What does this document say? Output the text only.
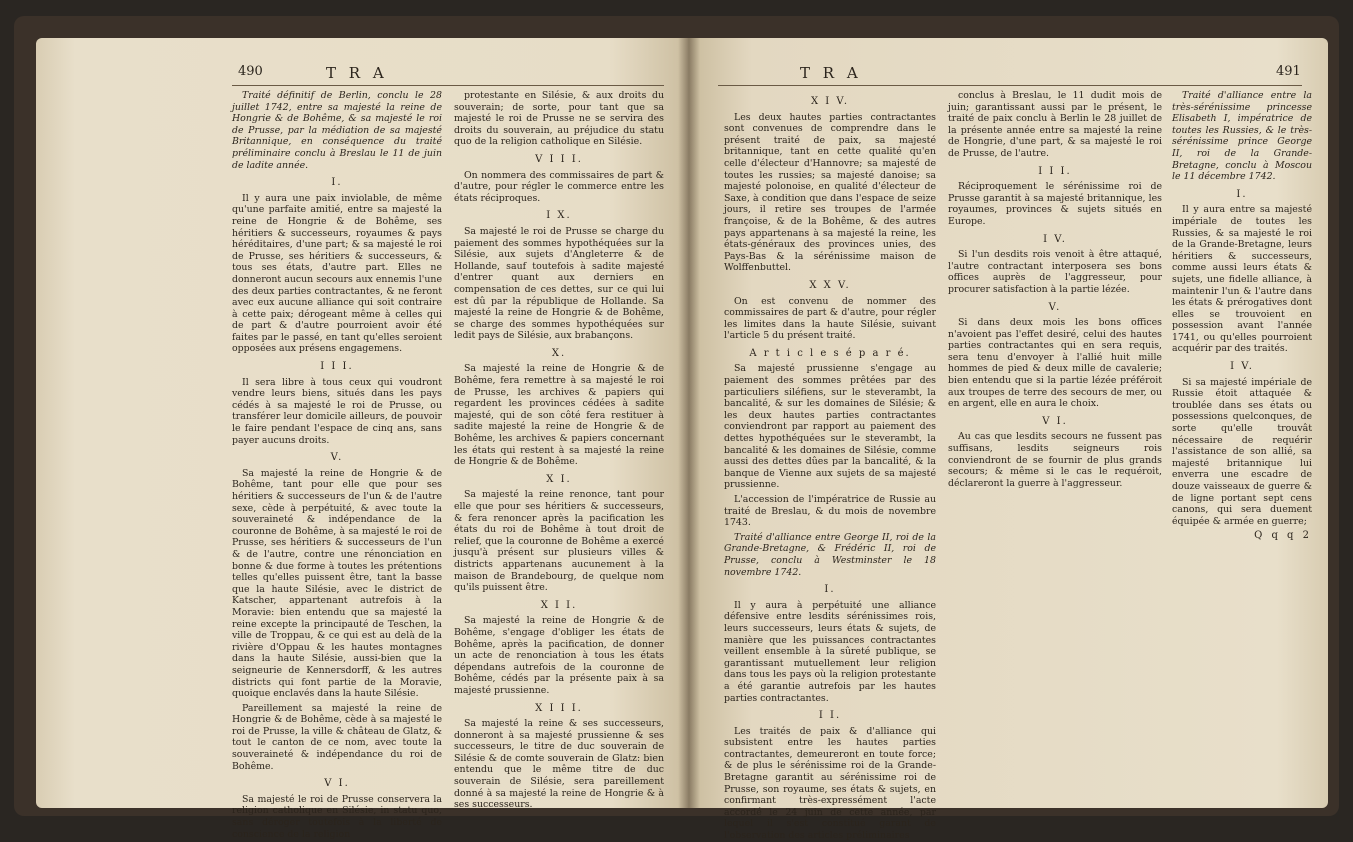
490	T R A

Traité définitif de Berlin, conclu le 28 juillet 1742, entre sa majesté la reine de Hongrie & de Bohême, & sa majesté le roi de Prusse, par la médiation de sa majesté Britannique, en conséquence du traité préliminaire conclu à Breslau le 11 de juin de ladite année.

I.

Il y aura une paix inviolable, de même qu'une parfaite amitié, entre sa majesté la reine de Hongrie & de Bohême, ses héritiers & successeurs, royaumes & pays héréditaires, d'une part; & sa majesté le roi de Prusse, ses héritiers & successeurs, & tous ses états, d'autre part. Elles ne donneront aucun secours aux ennemis l'une des deux parties contractantes, & ne feront avec eux aucune alliance qui soit contraire à cette paix; dérogeant même à celles qui de part & d'autre pourroient avoir été faites par le passé, en tant qu'elles seroient opposées aux présens engagemens.

I I I.

Il sera libre à tous ceux qui voudront vendre leurs biens, situés dans les pays cédés à sa majesté le roi de Prusse, ou transférer leur domicile ailleurs, de pouvoir le faire pendant l'espace de cinq ans, sans payer aucuns droits.

V.

Sa majesté la reine de Hongrie & de Bohême, tant pour elle que pour ses héritiers & successeurs de l'un & de l'autre sexe, cède à perpétuité, & avec toute la souveraineté & indépendance de la couronne de Bohême, à sa majesté le roi de Prusse, ses héritiers & successeurs de l'un & de l'autre, contre une rénonciation en bonne & due forme à toutes les prétentions telles qu'elles puissent être, tant la basse que la haute Silésie, avec le district de Katscher, appartenant autrefois à la Moravie: bien entendu que sa majesté la reine excepte la principauté de Teschen, la ville de Troppau, & ce qui est au delà de la rivière d'Oppau & les hautes montagnes dans la haute Silésie, aussi-bien que la seigneurie de Kennersdorff, & les autres districts qui font partie de la Moravie, quoique enclavés dans la haute Silésie.

Pareillement sa majesté la reine de Hongrie & de Bohême, cède à sa majesté le roi de Prusse, la ville & château de Glatz, & tout le canton de ce nom, avec toute la souveraineté & indépendance du roi de Bohême.

V I.

Sa majesté le roi de Prusse conservera la religion catholique en Silésie, in statu quo, sans déroger toutefois à la liberté de conscience de la religion

protestante en Silésie, & aux droits du souverain; de sorte, pour tant que sa majesté le roi de Prusse ne se servira des droits du souverain, au préjudice du statu quo de la religion catholique en Silésie.

V I I I.

On nommera des commissaires de part & d'autre, pour régler le commerce entre les états réciproques.

I X.

Sa majesté le roi de Prusse se charge du paiement des sommes hypothéquées sur la Silésie, aux sujets d'Angleterre & de Hollande, sauf toutefois à sadite majesté d'entrer quant aux derniers en compensation de ces dettes, sur ce qui lui est dû par la république de Hollande. Sa majesté la reine de Hongrie & de Bohême, se charge des sommes hypothéquées sur ledit pays de Silésie, aux brabançons.

X.

Sa majesté la reine de Hongrie & de Bohême, fera remettre à sa majesté le roi de Prusse, les archives & papiers qui regardent les provinces cédées à sadite majesté, qui de son côté fera restituer à sadite majesté la reine de Hongrie & de Bohême, les archives & papiers concernant les états qui restent à sa majesté la reine de Hongrie & de Bohême.

X I.

Sa majesté la reine renonce, tant pour elle que pour ses héritiers & successeurs, & fera renoncer après la pacification les états du roi de Bohême à tout droit de relief, que la couronne de Bohême a exercé jusqu'à présent sur plusieurs villes & districts appartenans aucunement à la maison de Brandebourg, de quelque nom qu'ils puissent être.

X I I.

Sa majesté la reine de Hongrie & de Bohême, s'engage d'obliger les états de Bohême, après la pacification, de donner un acte de renonciation à tous les états dépendans autrefois de la couronne de Bohême, cédés par la présente paix à sa majesté prussienne.

X I I I.

Sa majesté la reine & ses successeurs, donneront à sa majesté prussienne & ses successeurs, le titre de duc souverain de Silésie & de comte souverain de Glatz: bien entendu que le même titre de duc souverain de Silésie, sera pareillement donné à sa majesté la reine de Hongrie & à ses successeurs.

T R A	491
X I V.

Les deux hautes parties contractantes sont convenues de comprendre dans le présent traité de paix, sa majesté britannique, tant en cette qualité qu'en celle d'électeur d'Hannovre; sa majesté de toutes les russies; sa majesté danoise; sa majesté polonoise, en qualité d'électeur de Saxe, à condition que dans l'espace de seize jours, il retire ses troupes de l'armée françoise, & de la Bohême, & des autres pays appartenans à sa majesté la reine, les états-généraux des provinces unies, des Pays-Bas & la sérénissime maison de Wolffenbuttel.

X X V.

On est convenu de nommer des commissaires de part & d'autre, pour régler les limites dans la haute Silésie, suivant l'article 5 du présent traité.

A r t i c l e s é p a r é.

Sa majesté prussienne s'engage au paiement des sommes prêtées par des particuliers siléfiens, sur le steverambt, la bancalité, & sur les domaines de Silésie; & les deux hautes parties contractantes conviendront par rapport au paiement des dettes hypothéquées sur le steverambt, la bancalité & les domaines de Silésie, comme aussi des dettes dûes par la bancalité, & la banque de Vienne aux sujets de sa majesté prussienne.

L'accession de l'impératrice de Russie au traité de Breslau, & du mois de novembre 1743.

Traité d'alliance entre George II, roi de la Grande-Bretagne, & Frédéric II, roi de Prusse, conclu à Westminster le 18 novembre 1742.

I.

Il y aura à perpétuité une alliance défensive entre lesdits sérénissimes rois, leurs successeurs, leurs états & sujets, de manière que les puissances contractantes veillent ensemble à la sûreté publique, se garantissant mutuellement leur religion dans tous les pays où la religion protestante a été garantie autrefois par les hautes parties contractantes.

I I.

Les traités de paix & d'alliance qui subsistent entre les hautes parties contractantes, demeureront en toute force; & de plus le sérénissime roi de la Grande-Bretagne garantit au sérénissime roi de Prusse, son royaume, ses états & sujets, en confirmant très-expressément l'acte accordé le 24 juin de cette année, par lequel il s'est constitué garant de l'observation des articles préliminaires

conclus à Breslau, le 11 dudit mois de juin; garantissant aussi par le présent, le traité de paix conclu à Berlin le 28 juillet de la présente année entre sa majesté la reine de Hongrie, d'une part, & sa majesté le roi de Prusse, de l'autre.

I I I.

Réciproquement le sérénissime roi de Prusse garantit à sa majesté britannique, les royaumes, provinces & sujets situés en Europe.

I V.

Si l'un desdits rois venoit à être attaqué, l'autre contractant interposera ses bons offices auprès de l'aggresseur, pour procurer satisfaction à la partie lézée.

V.

Si dans deux mois les bons offices n'avoient pas l'effet desiré, celui des hautes parties contractantes qui en sera requis, sera tenu d'envoyer à l'allié huit mille hommes de pied & deux mille de cavalerie; bien entendu que si la partie lézée préféroit aux troupes de terre des secours de mer, ou en argent, elle en aura le choix.

V I.

Au cas que lesdits secours ne fussent pas suffisans, lesdits seigneurs rois conviendront de se fournir de plus grands secours; & même si le cas le requéroit, déclareront la guerre à l'aggresseur.

Traité d'alliance entre la très-sérénissime princesse Elisabeth I, impératrice de toutes les Russies, & le très-sérénissime prince George II, roi de la Grande-Bretagne, conclu à Moscou le 11 décembre 1742.

I.

Il y aura entre sa majesté impériale de toutes les Russies, & sa majesté le roi de la Grande-Bretagne, leurs héritiers & successeurs, comme aussi leurs états & sujets, une fidelle alliance, à maintenir l'un & l'autre dans les états & prérogatives dont elles se trouvoient en possession avant l'année 1741, ou qu'elles pourroient acquérir par des traités.

I V.

Si sa majesté impériale de Russie étoit attaquée & troublée dans ses états ou possessions quelconques, de sorte qu'elle trouvât nécessaire de requérir l'assistance de son allié, sa majesté britannique lui enverra une escadre de douze vaisseaux de guerre & de ligne portant sept cens canons, qui sera duement équipée & armée en guerre;

Q q q 2
